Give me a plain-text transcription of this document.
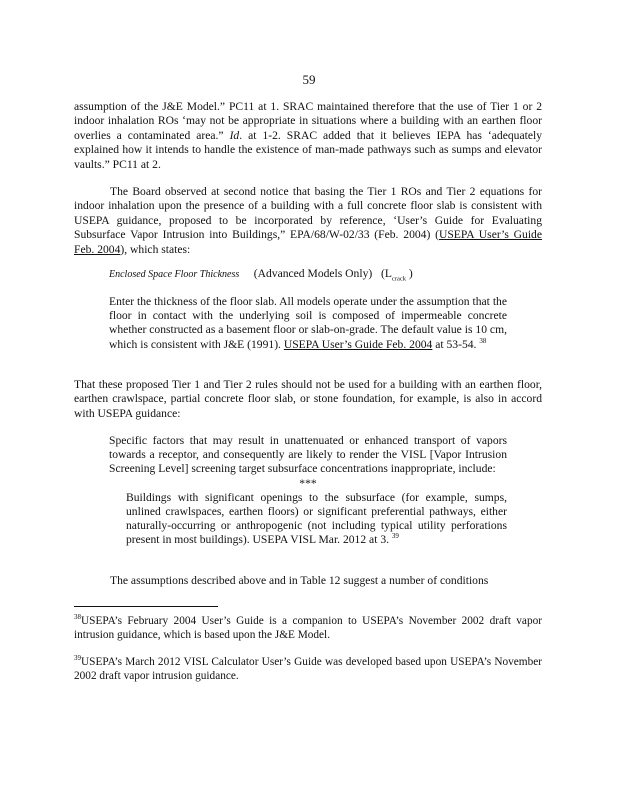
59
assumption of the J&E Model.” PC11 at 1. SRAC maintained therefore that the use of Tier 1 or 2 indoor inhalation ROs ‘may not be appropriate in situations where a building with an earthen floor overlies a contaminated area.” Id. at 1-2. SRAC added that it believes IEPA has ‘adequately explained how it intends to handle the existence of man-made pathways such as sumps and elevator vaults.” PC11 at 2.
The Board observed at second notice that basing the Tier 1 ROs and Tier 2 equations for indoor inhalation upon the presence of a building with a full concrete floor slab is consistent with USEPA guidance, proposed to be incorporated by reference, ‘User’s Guide for Evaluating Subsurface Vapor Intrusion into Buildings,” EPA/68/W-02/33 (Feb. 2004) (USEPA User’s Guide Feb. 2004), which states:
Enclosed Space Floor Thickness (Advanced Models Only) ($L_{crack}$ )
Enter the thickness of the floor slab. All models operate under the assumption that the floor in contact with the underlying soil is composed of impermeable concrete whether constructed as a basement floor or slab-on-grade. The default value is 10 cm, which is consistent with J&E (1991). USEPA User’s Guide Feb. 2004 at 53-54. $^{38}$
That these proposed Tier 1 and Tier 2 rules should not be used for a building with an earthen floor, earthen crawlspace, partial concrete floor slab, or stone foundation, for example, is also in accord with USEPA guidance:
Specific factors that may result in unattenuated or enhanced transport of vapors towards a receptor, and consequently are likely to render the VISL [Vapor Intrusion Screening Level] screening target subsurface concentrations inappropriate, include:
***
Buildings with significant openings to the subsurface (for example, sumps, unlined crawlspaces, earthen floors) or significant preferential pathways, either naturally-occurring or anthropogenic (not including typical utility perforations present in most buildings). USEPA VISL Mar. 2012 at 3. $^{39}$
The assumptions described above and in Table 12 suggest a number of conditions
$^{38}$USEPA’s February 2004 User’s Guide is a companion to USEPA’s November 2002 draft vapor intrusion guidance, which is based upon the J&E Model.
$^{39}$USEPA’s March 2012 VISL Calculator User’s Guide was developed based upon USEPA’s November 2002 draft vapor intrusion guidance.
